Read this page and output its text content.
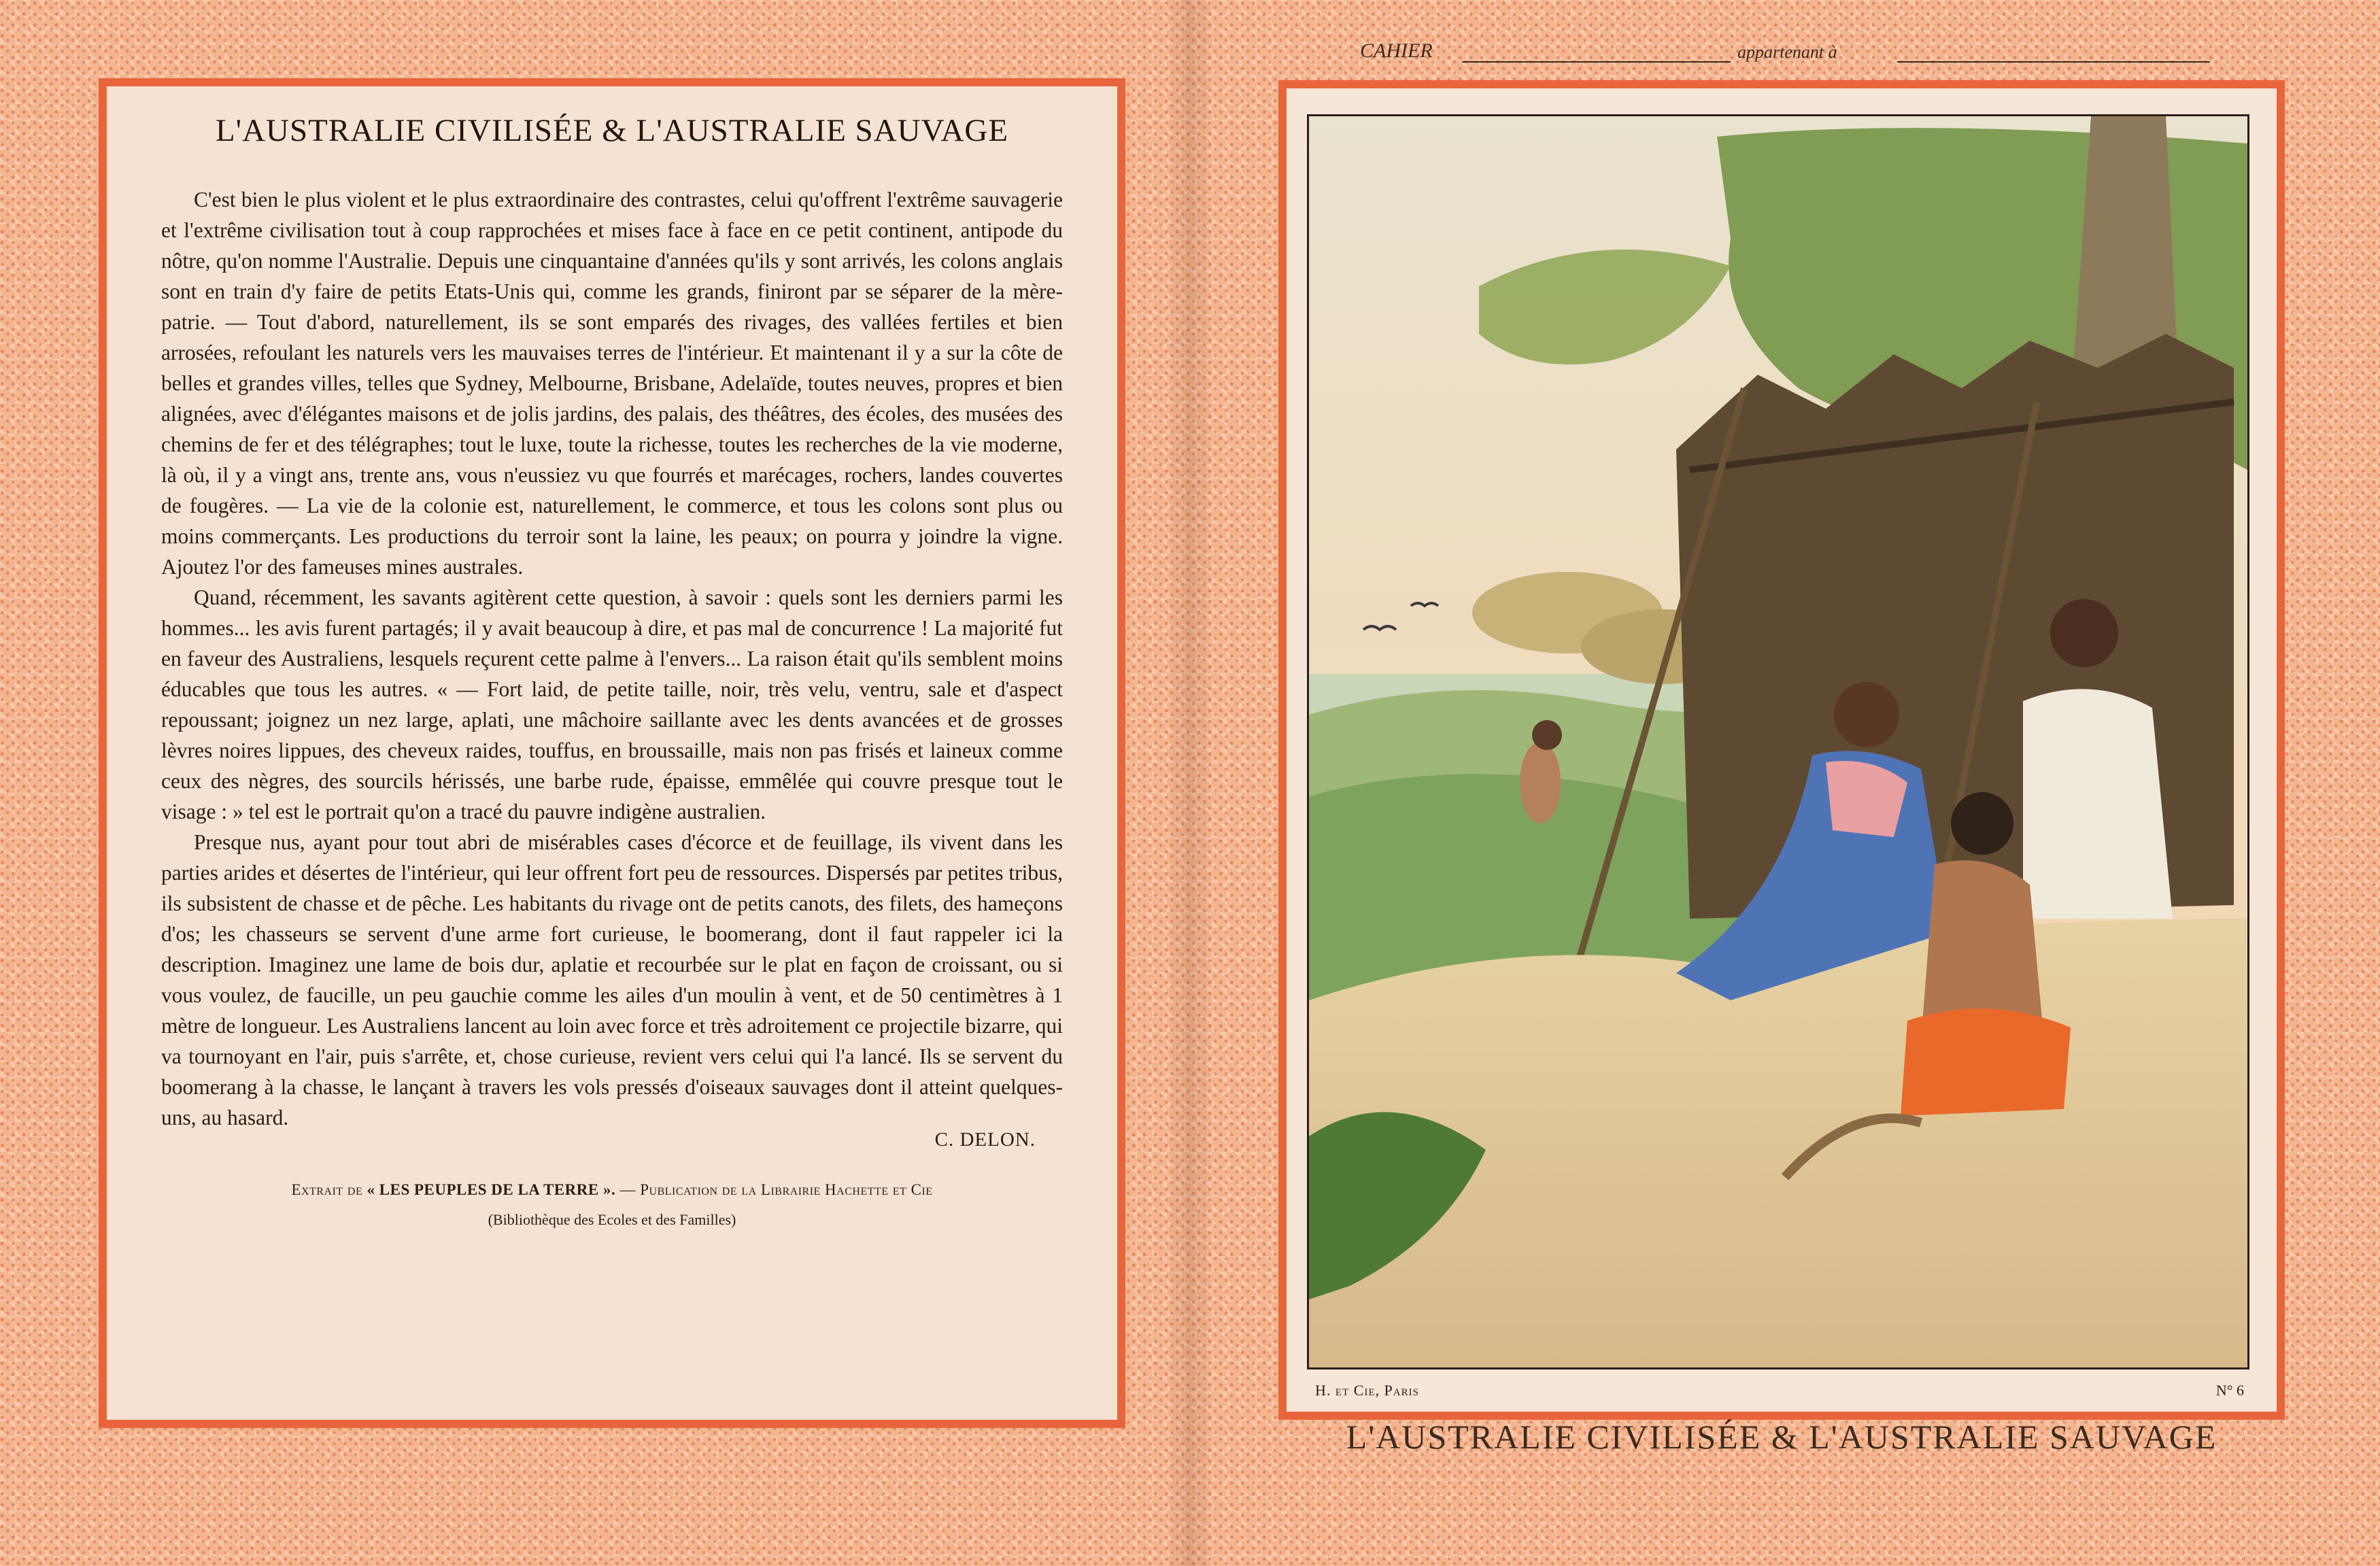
L'AUSTRALIE CIVILISÉE & L'AUSTRALIE SAUVAGE

C'est bien le plus violent et le plus extraordinaire des contrastes, celui qu'offrent l'extrême sauvagerie et l'extrême civilisation tout à coup rapprochées et mises face à face en ce petit continent, antipode du nôtre, qu'on nomme l'Australie. Depuis une cinquantaine d'années qu'ils y sont arrivés, les colons anglais sont en train d'y faire de petits Etats-Unis qui, comme les grands, finiront par se séparer de la mère-patrie. — Tout d'abord, naturellement, ils se sont emparés des rivages, des vallées fertiles et bien arrosées, refoulant les naturels vers les mauvaises terres de l'intérieur. Et maintenant il y a sur la côte de belles et grandes villes, telles que Sydney, Melbourne, Brisbane, Adelaïde, toutes neuves, propres et bien alignées, avec d'élégantes maisons et de jolis jardins, des palais, des théâtres, des écoles, des musées des chemins de fer et des télégraphes; tout le luxe, toute la richesse, toutes les recherches de la vie moderne, là où, il y a vingt ans, trente ans, vous n'eussiez vu que fourrés et marécages, rochers, landes couvertes de fougères. — La vie de la colonie est, naturellement, le commerce, et tous les colons sont plus ou moins commerçants. Les productions du terroir sont la laine, les peaux; on pourra y joindre la vigne. Ajoutez l'or des fameuses mines australes.

Quand, récemment, les savants agitèrent cette question, à savoir : quels sont les derniers parmi les hommes... les avis furent partagés; il y avait beaucoup à dire, et pas mal de concurrence ! La majorité fut en faveur des Australiens, lesquels reçurent cette palme à l'envers... La raison était qu'ils semblent moins éducables que tous les autres. « — Fort laid, de petite taille, noir, très velu, ventru, sale et d'aspect repoussant; joignez un nez large, aplati, une mâchoire saillante avec les dents avancées et de grosses lèvres noires lippues, des cheveux raides, touffus, en broussaille, mais non pas frisés et laineux comme ceux des nègres, des sourcils hérissés, une barbe rude, épaisse, emmêlée qui couvre presque tout le visage : » tel est le portrait qu'on a tracé du pauvre indigène australien.

Presque nus, ayant pour tout abri de misérables cases d'écorce et de feuillage, ils vivent dans les parties arides et désertes de l'intérieur, qui leur offrent fort peu de ressources. Dispersés par petites tribus, ils subsistent de chasse et de pêche. Les habitants du rivage ont de petits canots, des filets, des hameçons d'os; les chasseurs se servent d'une arme fort curieuse, le boomerang, dont il faut rappeler ici la description. Imaginez une lame de bois dur, aplatie et recourbée sur le plat en façon de croissant, ou si vous voulez, de faucille, un peu gauchie comme les ailes d'un moulin à vent, et de 50 centimètres à 1 mètre de longueur. Les Australiens lancent au loin avec force et très adroitement ce projectile bizarre, qui va tournoyant en l'air, puis s'arrête, et, chose curieuse, revient vers celui qui l'a lancé. Ils se servent du boomerang à la chasse, le lançant à travers les vols pressés d'oiseaux sauvages dont il atteint quelques-uns, au hasard.

C. DELON.
Extrait de « LES PEUPLES DE LA TERRE ». — Publication de la Librairie Hachette et Cie
(Bibliothèque des Ecoles et des Familles)
CAHIER	appartenant à
H. et Cie, Paris	N° 6
L'AUSTRALIE CIVILISÉE & L'AUSTRALIE SAUVAGE
